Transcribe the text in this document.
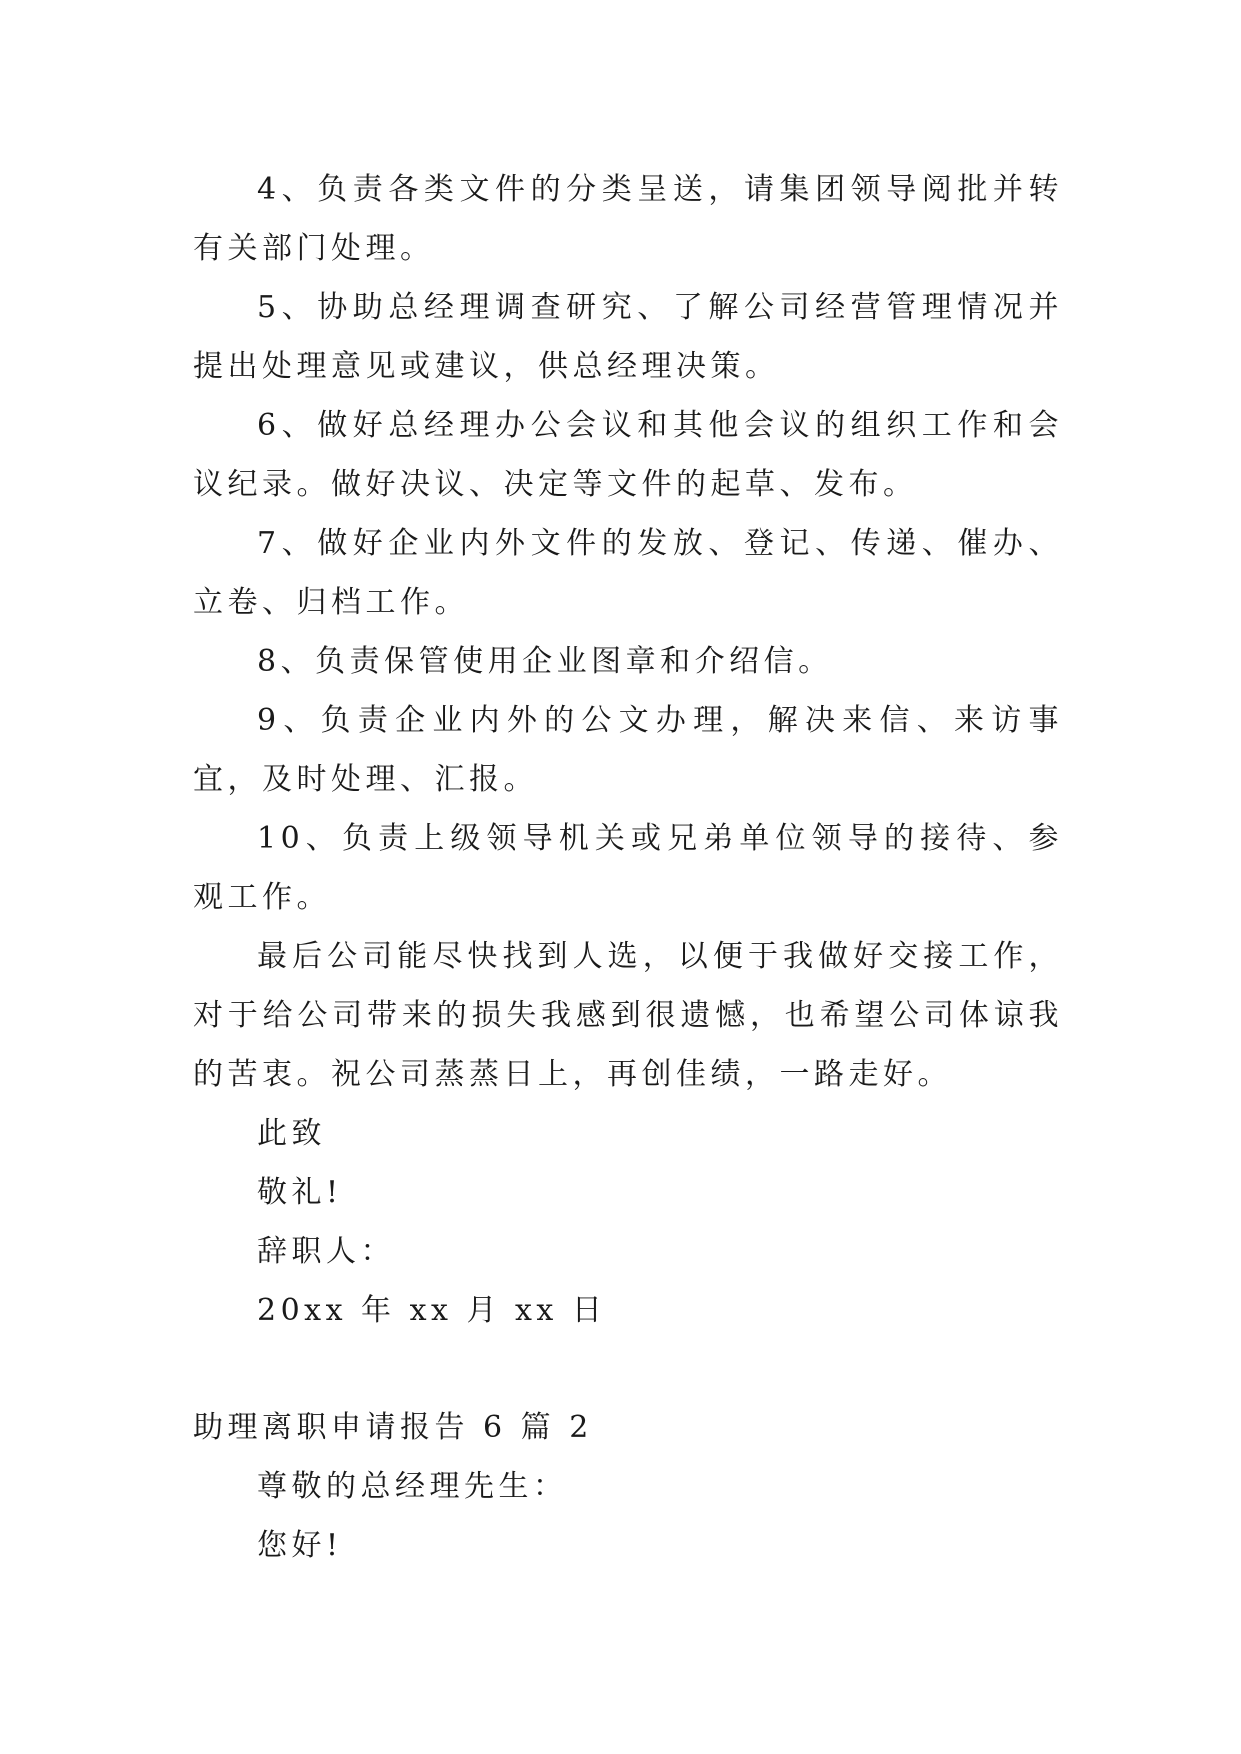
4、负责各类文件的分类呈送，请集团领导阅批并转有关部门处理。

5、协助总经理调查研究、了解公司经营管理情况并提出处理意见或建议，供总经理决策。

6、做好总经理办公会议和其他会议的组织工作和会议纪录。做好决议、决定等文件的起草、发布。

7、做好企业内外文件的发放、登记、传递、催办、立卷、归档工作。

8、负责保管使用企业图章和介绍信。

9、负责企业内外的公文办理，解决来信、来访事宜，及时处理、汇报。

10、负责上级领导机关或兄弟单位领导的接待、参观工作。

最后公司能尽快找到人选，以便于我做好交接工作，对于给公司带来的损失我感到很遗憾，也希望公司体谅我的苦衷。祝公司蒸蒸日上，再创佳绩，一路走好。

此致

敬礼!

辞职人：

20xx 年 xx 月 xx 日

助理离职申请报告 6 篇 2

尊敬的总经理先生：

您好!
